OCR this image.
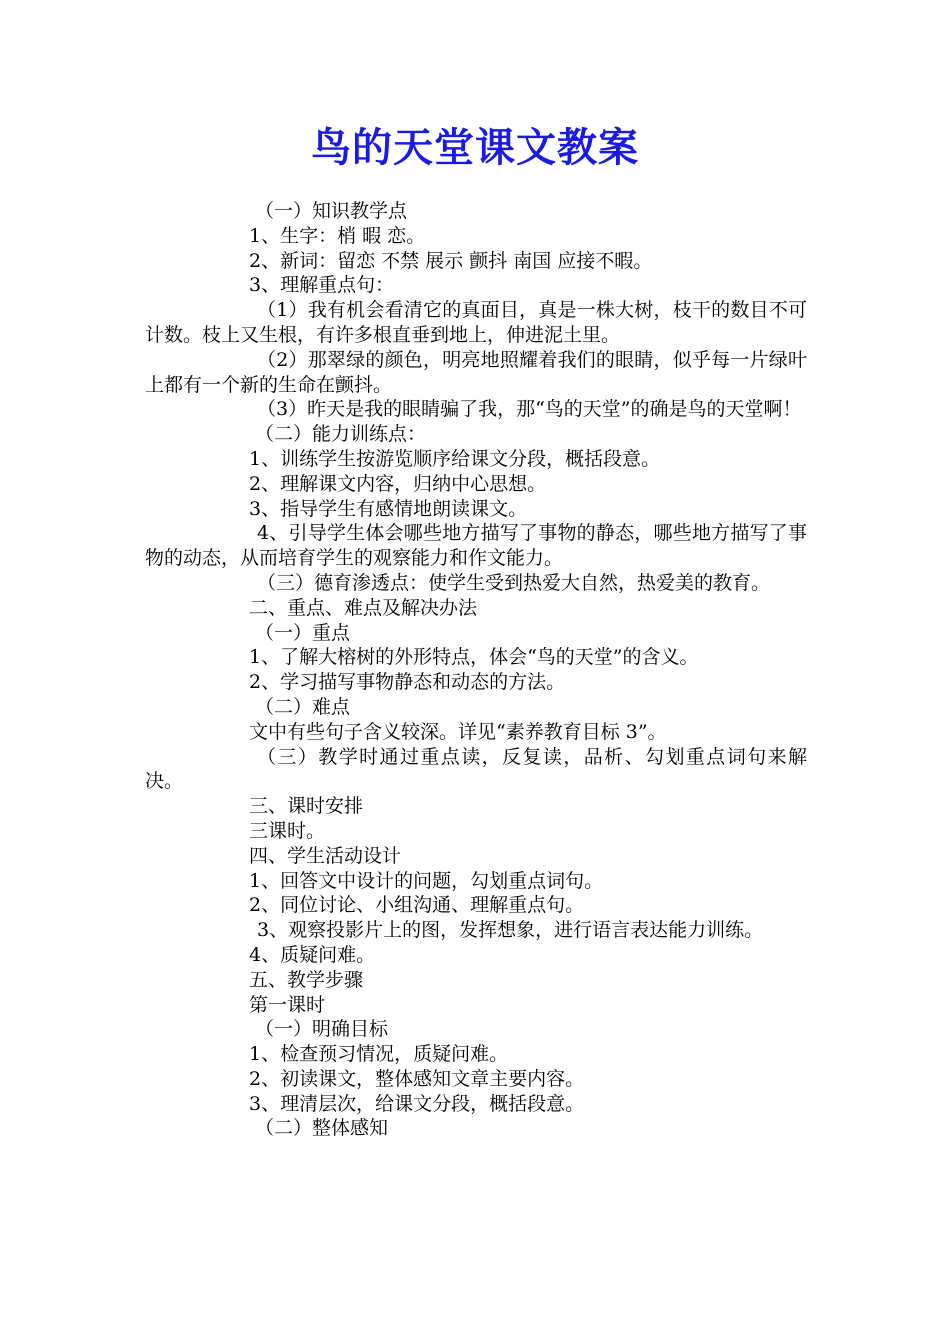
鸟的天堂课文教案

（一）知识教学点

1、生字：梢 暇 恋。

2、新词：留恋 不禁 展示 颤抖 南国 应接不暇。

3、理解重点句：

（1）我有机会看清它的真面目，真是一株大树，枝干的数目不可计数。枝上又生根，有许多根直垂到地上，伸进泥土里。

（2）那翠绿的颜色，明亮地照耀着我们的眼睛，似乎每一片绿叶上都有一个新的生命在颤抖。

（3）昨天是我的眼睛骗了我，那“鸟的天堂”的确是鸟的天堂啊！

（二）能力训练点：

1、训练学生按游览顺序给课文分段，概括段意。

2、理解课文内容，归纳中心思想。

3、指导学生有感情地朗读课文。

4、引导学生体会哪些地方描写了事物的静态，哪些地方描写了事物的动态，从而培育学生的观察能力和作文能力。

（三）德育渗透点：使学生受到热爱大自然，热爱美的教育。

二、重点、难点及解决办法

（一）重点

1、了解大榕树的外形特点，体会“鸟的天堂”的含义。

2、学习描写事物静态和动态的方法。

（二）难点

文中有些句子含义较深。详见“素养教育目标 3”。

（三）教学时通过重点读，反复读，品析、勾划重点词句来解决。

三、课时安排

三课时。

四、学生活动设计

1、回答文中设计的问题，勾划重点词句。

2、同位讨论、小组沟通、理解重点句。

3、观察投影片上的图，发挥想象，进行语言表达能力训练。

4、质疑问难。

五、教学步骤

第一课时

（一）明确目标

1、检查预习情况，质疑问难。

2、初读课文，整体感知文章主要内容。

3、理清层次，给课文分段，概括段意。

（二）整体感知
